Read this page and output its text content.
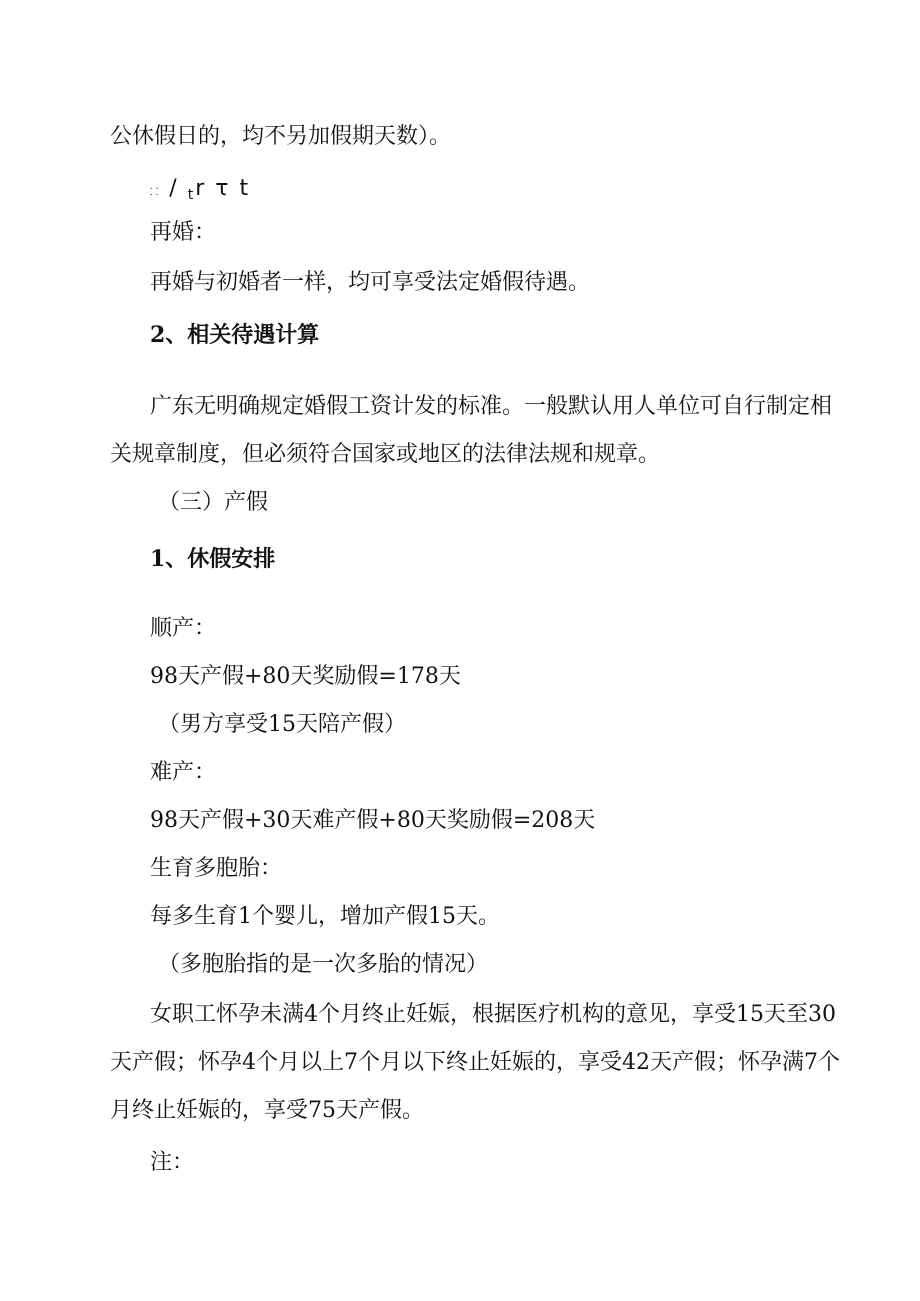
公休假日的，均不另加假期天数）。
⸬ / $_t$r τ t
再婚：
再婚与初婚者一样，均可享受法定婚假待遇。
2、相关待遇计算
广东无明确规定婚假工资计发的标准。一般默认用人单位可自行制定相
关规章制度，但必须符合国家或地区的法律法规和规章。
（三）产假
1、休假安排
顺产：
98天产假+80天奖励假=178天
（男方享受15天陪产假）
难产：
98天产假+30天难产假+80天奖励假=208天
生育多胞胎：
每多生育1个婴儿，增加产假15天。
（多胞胎指的是一次多胎的情况）
女职工怀孕未满4个月终止妊娠，根据医疗机构的意见，享受15天至30
天产假；怀孕4个月以上7个月以下终止妊娠的，享受42天产假；怀孕满7个
月终止妊娠的，享受75天产假。
注：
